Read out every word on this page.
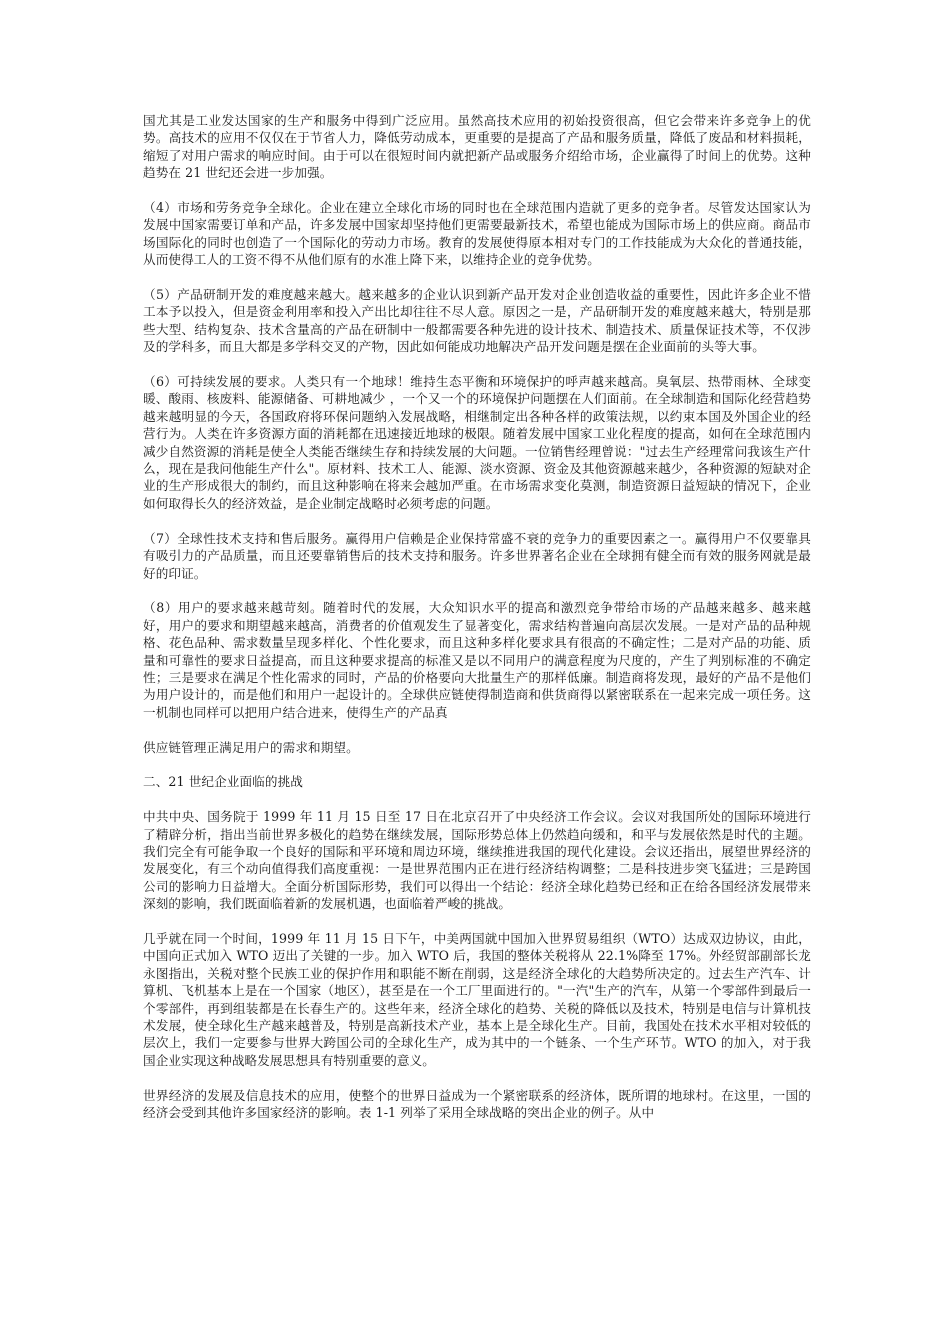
国尤其是工业发达国家的生产和服务中得到广泛应用。虽然高技术应用的初始投资很高，但它会带来许多竞争上的优势。高技术的应用不仅仅在于节省人力，降低劳动成本，更重要的是提高了产品和服务质量，降低了废品和材料损耗，缩短了对用户需求的响应时间。由于可以在很短时间内就把新产品或服务介绍给市场，企业赢得了时间上的优势。这种趋势在 21 世纪还会进一步加强。

（4）市场和劳务竞争全球化。企业在建立全球化市场的同时也在全球范围内造就了更多的竞争者。尽管发达国家认为发展中国家需要订单和产品，许多发展中国家却坚持他们更需要最新技术，希望也能成为国际市场上的供应商。商品市场国际化的同时也创造了一个国际化的劳动力市场。教育的发展使得原本相对专门的工作技能成为大众化的普通技能，从而使得工人的工资不得不从他们原有的水准上降下来，以维持企业的竞争优势。

（5）产品研制开发的难度越来越大。越来越多的企业认识到新产品开发对企业创造收益的重要性，因此许多企业不惜工本予以投入，但是资金利用率和投入产出比却往往不尽人意。原因之一是，产品研制开发的难度越来越大，特别是那些大型、结构复杂、技术含量高的产品在研制中一般都需要各种先进的设计技术、制造技术、质量保证技术等，不仅涉及的学科多，而且大都是多学科交叉的产物，因此如何能成功地解决产品开发问题是摆在企业面前的头等大事。

（6）可持续发展的要求。人类只有一个地球！维持生态平衡和环境保护的呼声越来越高。臭氧层、热带雨林、全球变暖、酸雨、核废料、能源储备、可耕地减少 ，一个又一个的环境保护问题摆在人们面前。在全球制造和国际化经营趋势越来越明显的今天，各国政府将环保问题纳入发展战略，相继制定出各种各样的政策法规，以约束本国及外国企业的经营行为。人类在许多资源方面的消耗都在迅速接近地球的极限。随着发展中国家工业化程度的提高，如何在全球范围内减少自然资源的消耗是使全人类能否继续生存和持续发展的大问题。一位销售经理曾说："过去生产经理常问我该生产什么，现在是我问他能生产什么"。原材料、技术工人、能源、淡水资源、资金及其他资源越来越少，各种资源的短缺对企业的生产形成很大的制约，而且这种影响在将来会越加严重。在市场需求变化莫测，制造资源日益短缺的情况下，企业如何取得长久的经济效益，是企业制定战略时必须考虑的问题。

（7）全球性技术支持和售后服务。赢得用户信赖是企业保持常盛不衰的竞争力的重要因素之一。赢得用户不仅要靠具有吸引力的产品质量，而且还要靠销售后的技术支持和服务。许多世界著名企业在全球拥有健全而有效的服务网就是最好的印证。

（8）用户的要求越来越苛刻。随着时代的发展，大众知识水平的提高和激烈竞争带给市场的产品越来越多、越来越好，用户的要求和期望越来越高，消费者的价值观发生了显著变化，需求结构普遍向高层次发展。一是对产品的品种规格、花色品种、需求数量呈现多样化、个性化要求，而且这种多样化要求具有很高的不确定性；二是对产品的功能、质量和可靠性的要求日益提高，而且这种要求提高的标准又是以不同用户的满意程度为尺度的，产生了判别标准的不确定性；三是要求在满足个性化需求的同时，产品的价格要向大批量生产的那样低廉。制造商将发现，最好的产品不是他们为用户设计的，而是他们和用户一起设计的。全球供应链使得制造商和供货商得以紧密联系在一起来完成一项任务。这一机制也同样可以把用户结合进来，使得生产的产品真

供应链管理正满足用户的需求和期望。

二、21 世纪企业面临的挑战

中共中央、国务院于 1999 年 11 月 15 日至 17 日在北京召开了中央经济工作会议。会议对我国所处的国际环境进行了精辟分析，指出当前世界多极化的趋势在继续发展，国际形势总体上仍然趋向缓和，和平与发展依然是时代的主题。我们完全有可能争取一个良好的国际和平环境和周边环境，继续推进我国的现代化建设。会议还指出，展望世界经济的发展变化，有三个动向值得我们高度重视：一是世界范围内正在进行经济结构调整；二是科技进步突飞猛进；三是跨国公司的影响力日益增大。全面分析国际形势，我们可以得出一个结论：经济全球化趋势已经和正在给各国经济发展带来深刻的影响，我们既面临着新的发展机遇，也面临着严峻的挑战。

几乎就在同一个时间，1999 年 11 月 15 日下午，中美两国就中国加入世界贸易组织（WTO）达成双边协议，由此，中国向正式加入 WTO 迈出了关键的一步。加入 WTO 后，我国的整体关税将从 22.1%降至 17%。外经贸部副部长龙永图指出，关税对整个民族工业的保护作用和职能不断在削弱，这是经济全球化的大趋势所决定的。过去生产汽车、计算机、飞机基本上是在一个国家（地区），甚至是在一个工厂里面进行的。"一汽"生产的汽车，从第一个零部件到最后一个零部件，再到组装都是在长春生产的。这些年来，经济全球化的趋势、关税的降低以及技术，特别是电信与计算机技术发展，使全球化生产越来越普及，特别是高新技术产业，基本上是全球化生产。目前，我国处在技术水平相对较低的层次上，我们一定要参与世界大跨国公司的全球化生产，成为其中的一个链条、一个生产环节。WTO 的加入，对于我国企业实现这种战略发展思想具有特别重要的意义。

世界经济的发展及信息技术的应用，使整个的世界日益成为一个紧密联系的经济体，既所谓的地球村。在这里，一国的经济会受到其他许多国家经济的影响。表 1-1 列举了采用全球战略的突出企业的例子。从中
